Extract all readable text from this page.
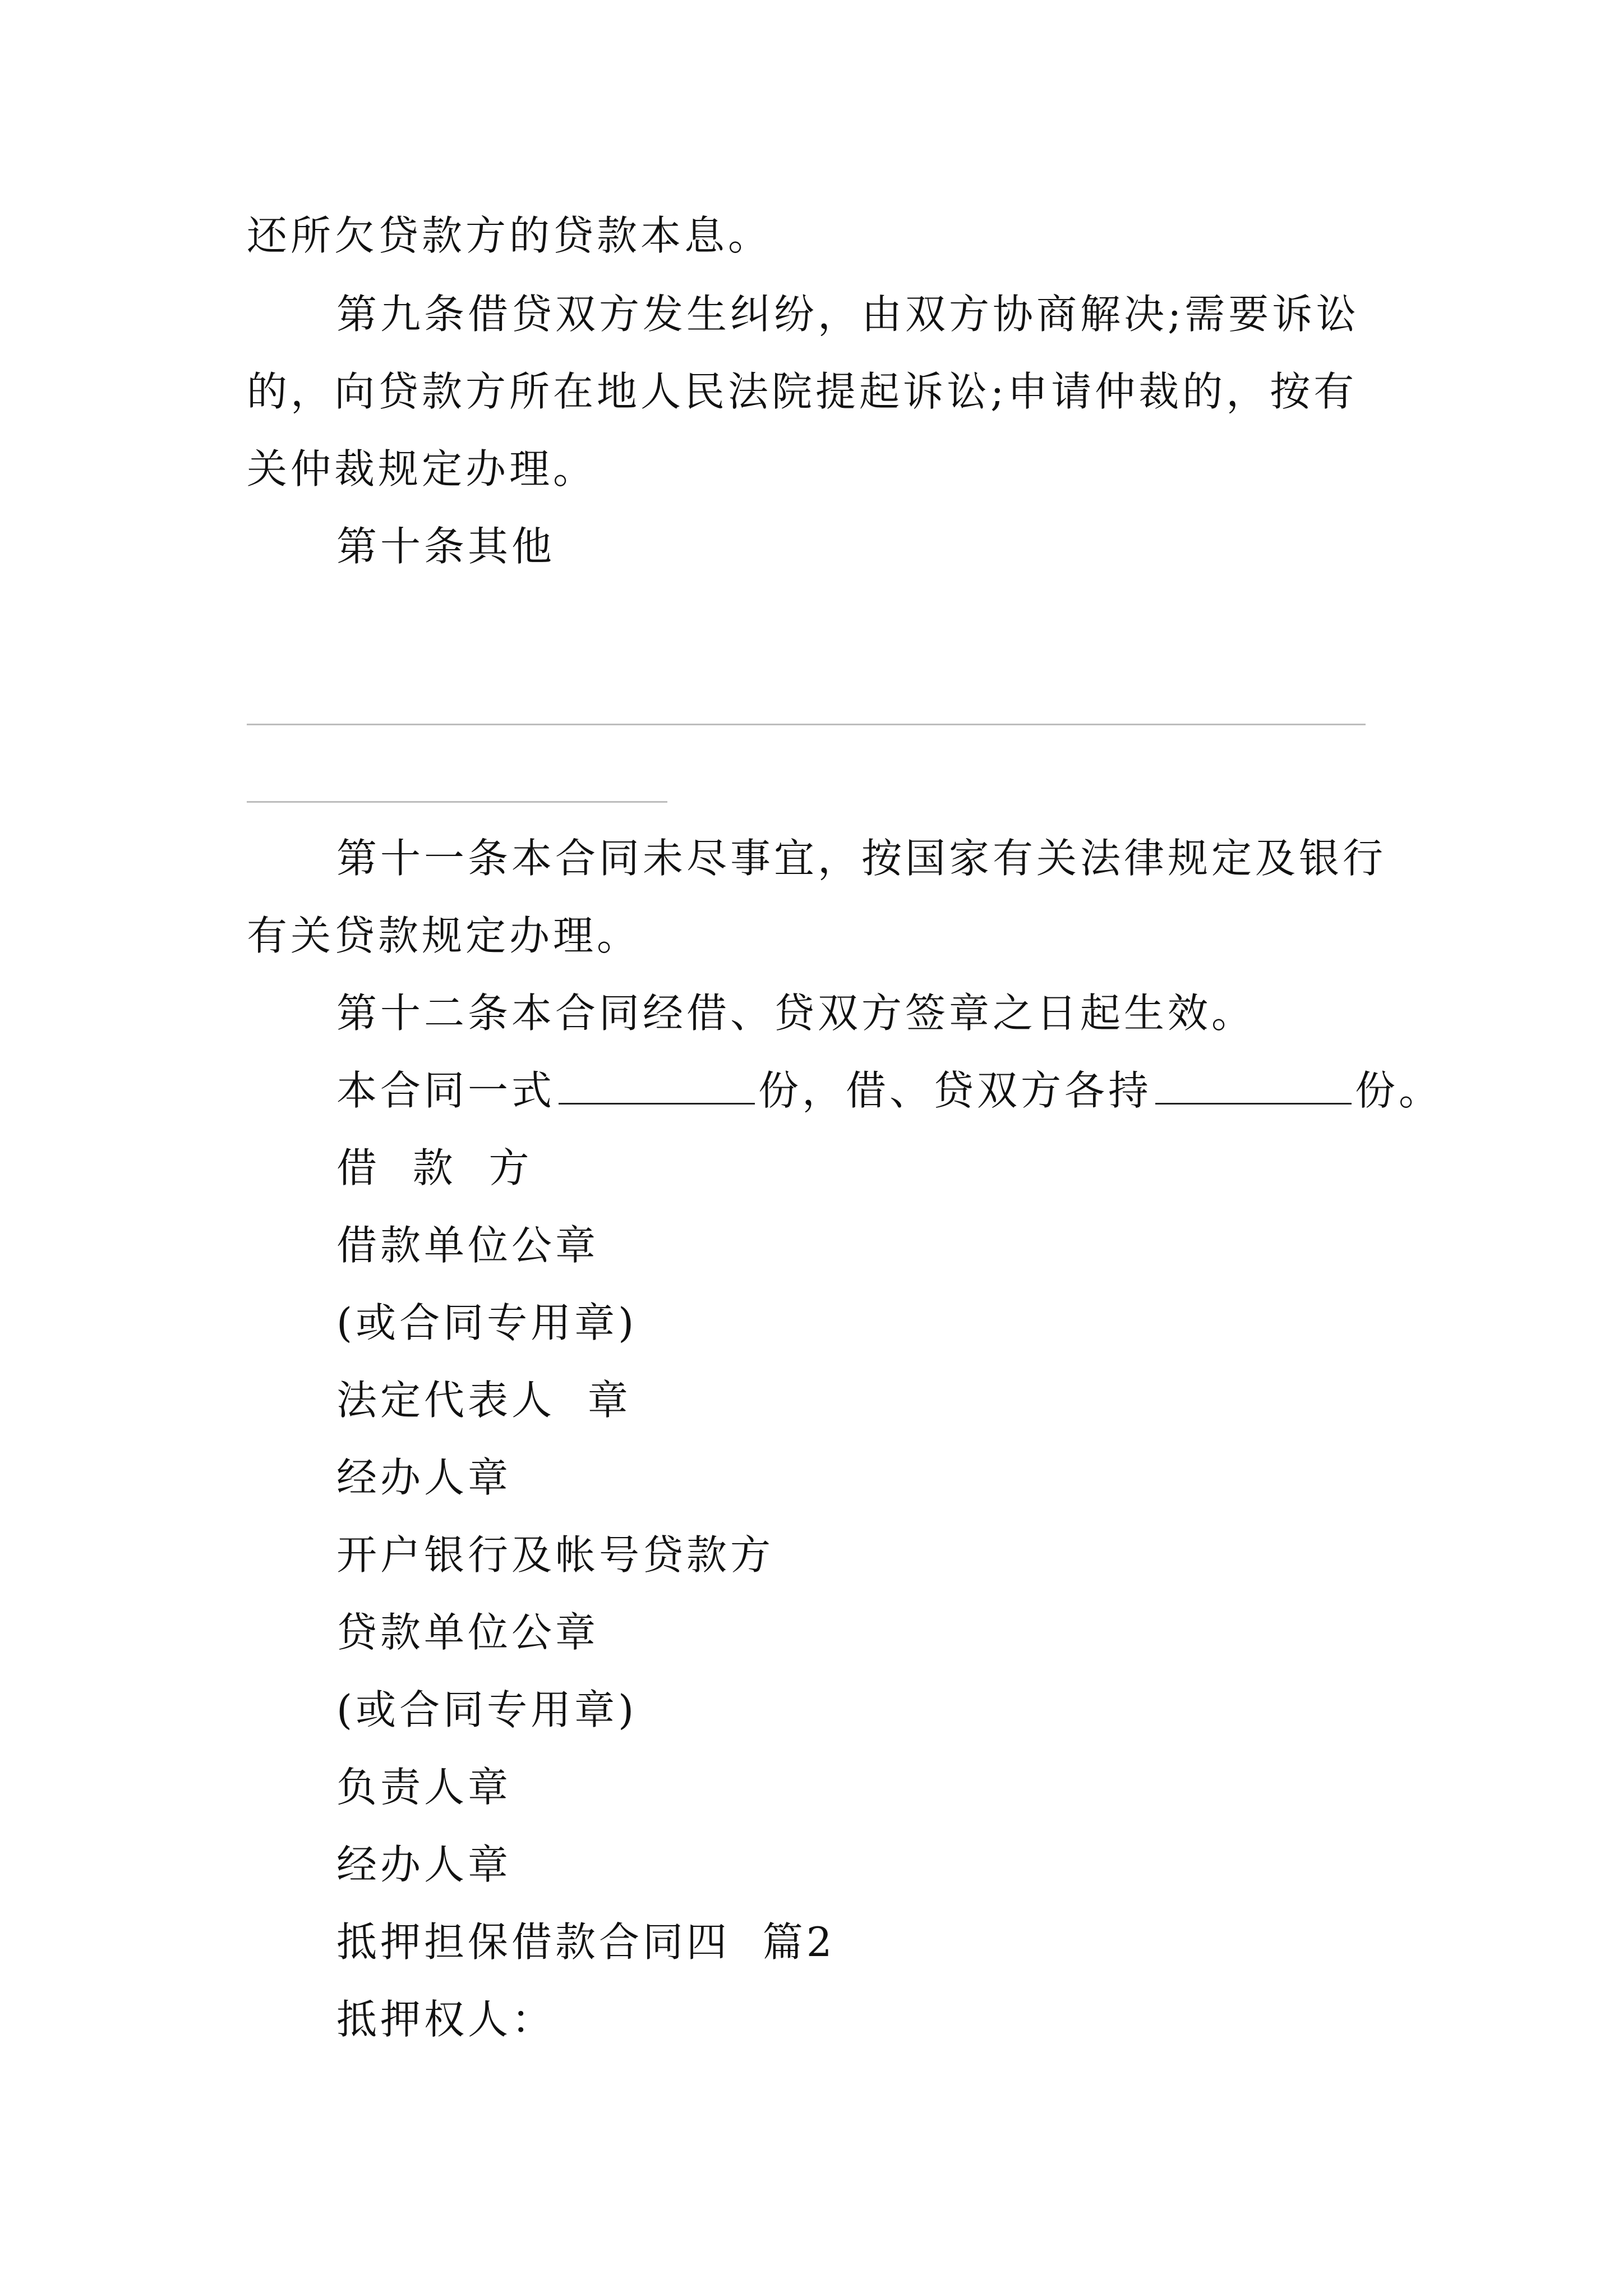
还所欠贷款方的贷款本息。
第九条借贷双方发生纠纷，由双方协商解决;需要诉讼
的，向贷款方所在地人民法院提起诉讼;申请仲裁的，按有
关仲裁规定办理。
第十条其他
第十一条本合同未尽事宜，按国家有关法律规定及银行
有关贷款规定办理。
第十二条本合同经借、贷双方签章之日起生效。
本合同一式	份，借、贷双方各持	份。
借  款  方
借款单位公章
(或合同专用章)
法定代表人  章
经办人章
开户银行及帐号贷款方
贷款单位公章
(或合同专用章)
负责人章
经办人章
抵押担保借款合同四  篇2
抵押权人：
